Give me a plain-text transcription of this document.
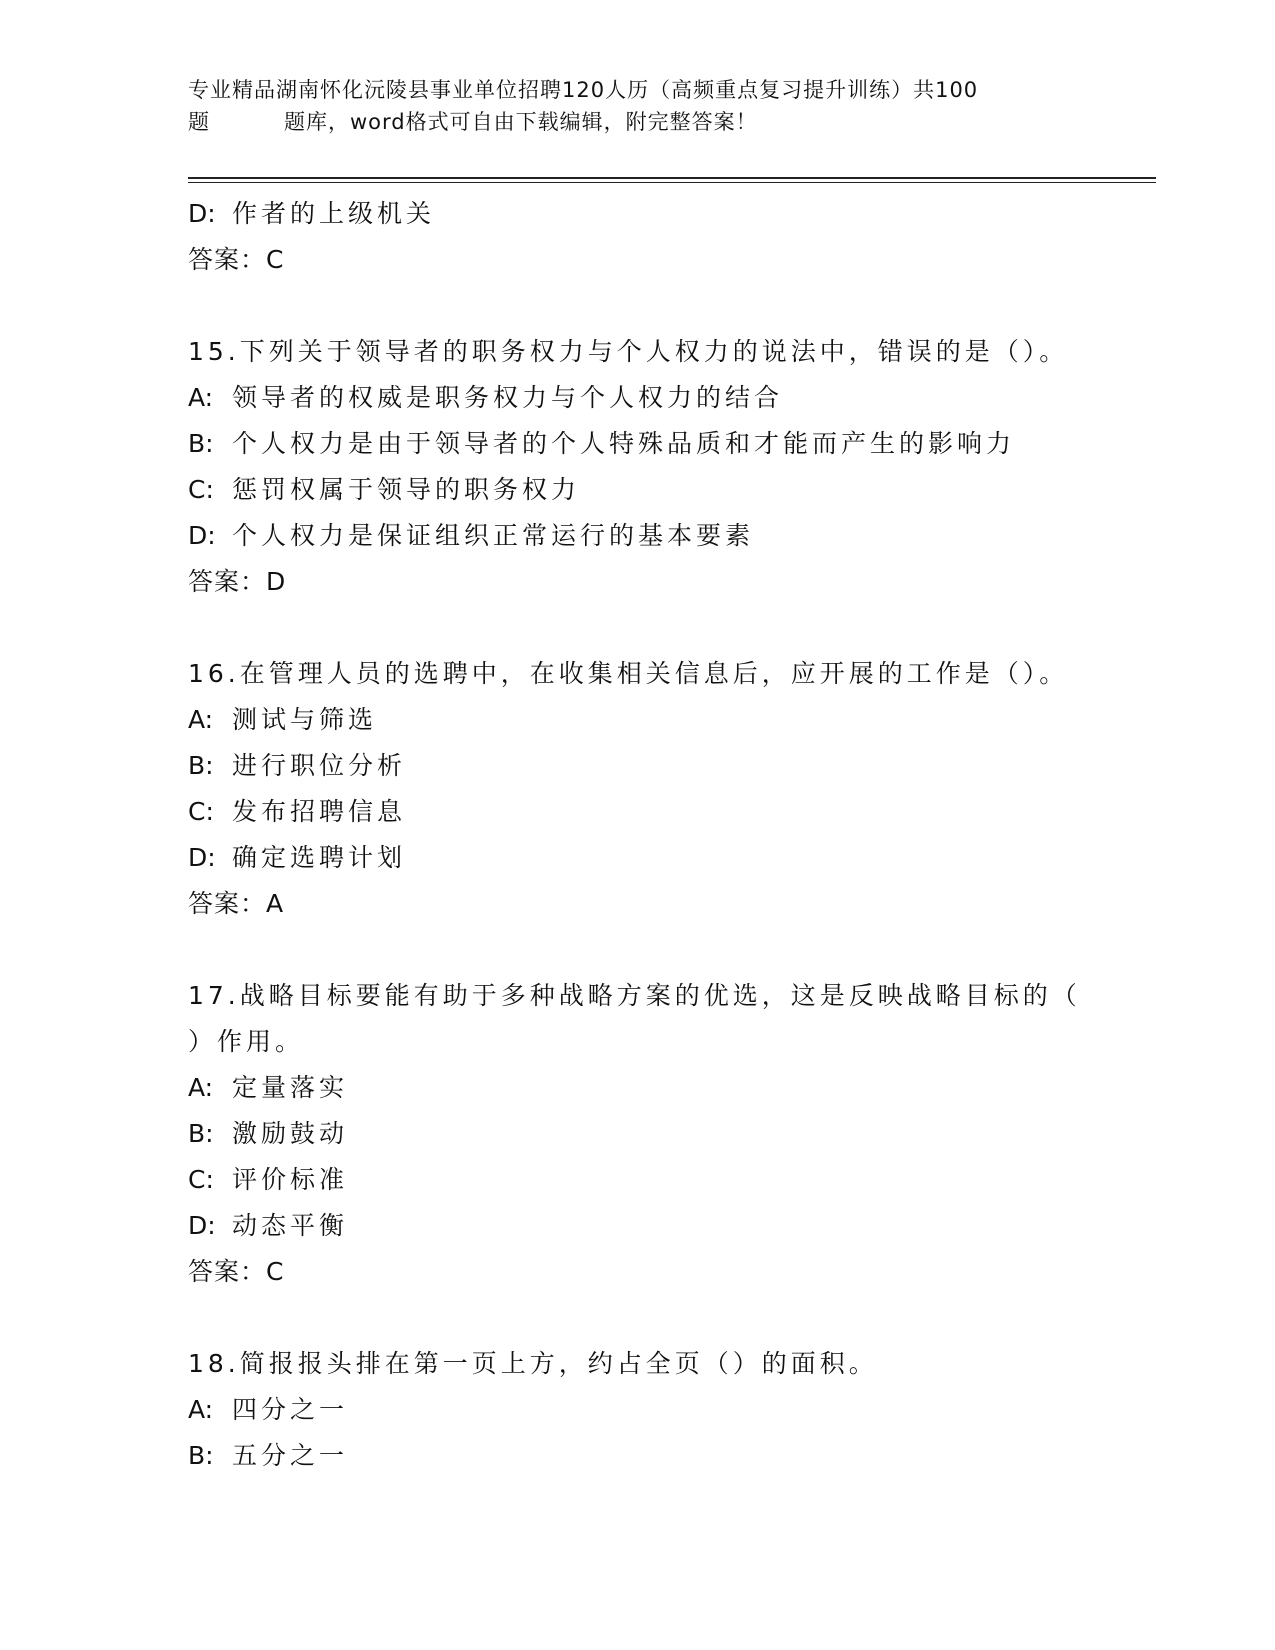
专业精品湖南怀化沅陵县事业单位招聘120人历（高频重点复习提升训练）共100
题	题库，word格式可自由下载编辑，附完整答案！
D: 作者的上级机关
答案：C
15.下列关于领导者的职务权力与个人权力的说法中，错误的是（）。
A: 领导者的权威是职务权力与个人权力的结合
B: 个人权力是由于领导者的个人特殊品质和才能而产生的影响力
C: 惩罚权属于领导的职务权力
D: 个人权力是保证组织正常运行的基本要素
答案：D
16.在管理人员的选聘中，在收集相关信息后，应开展的工作是（）。
A: 测试与筛选
B: 进行职位分析
C: 发布招聘信息
D: 确定选聘计划
答案：A
17.战略目标要能有助于多种战略方案的优选，这是反映战略目标的（
）作用。
A: 定量落实
B: 激励鼓动
C: 评价标准
D: 动态平衡
答案：C
18.简报报头排在第一页上方，约占全页（）的面积。
A: 四分之一
B: 五分之一
